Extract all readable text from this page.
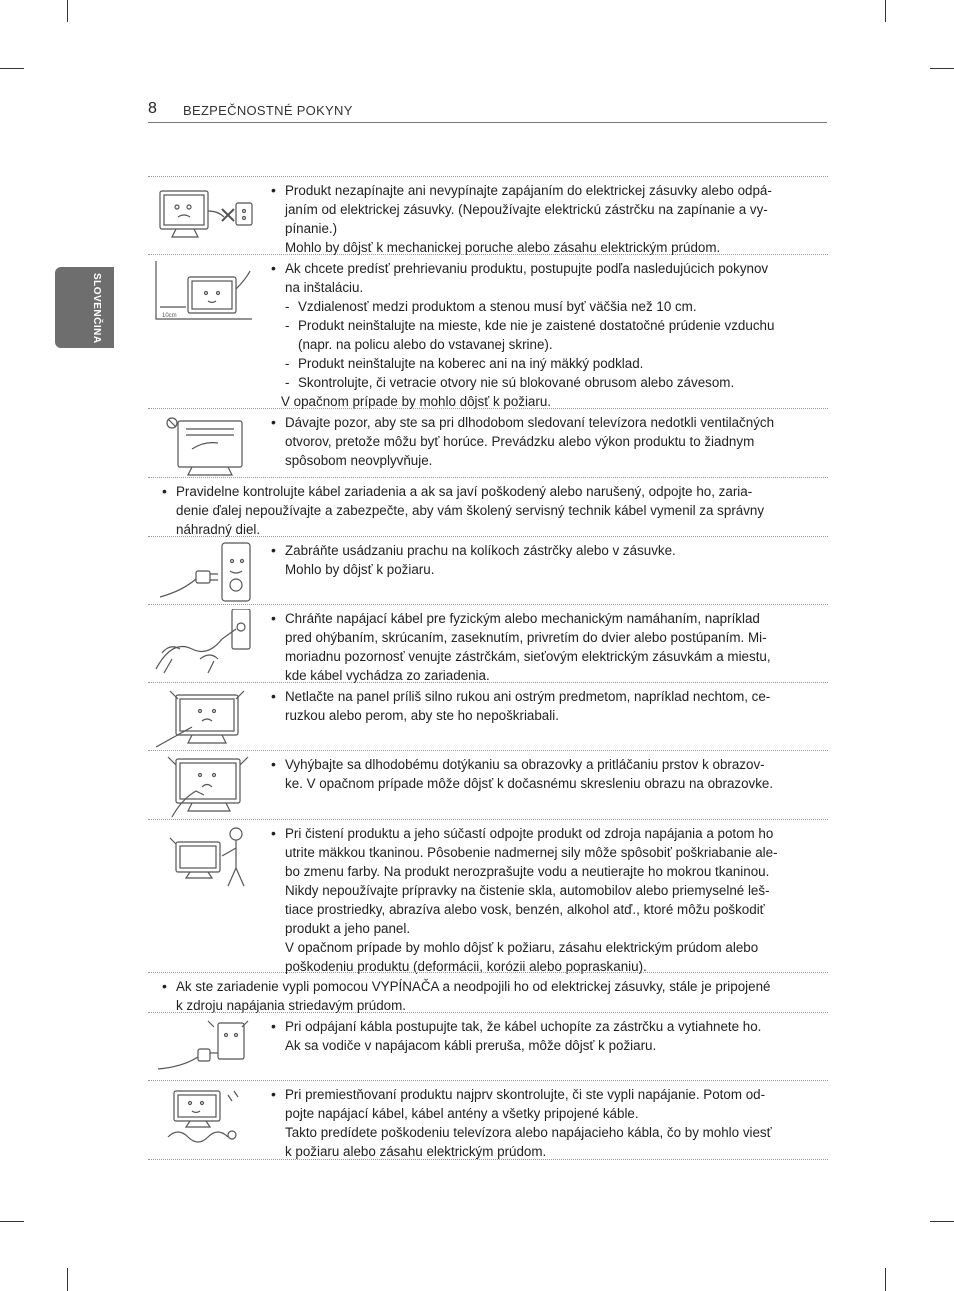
8 BEZPEČNOSTNÉ POKYNY
SLOVENČINA
• Produkt nezapínajte ani nevypínajte zapájaním do elektrickej zásuvky alebo odpá-
janím od elektrickej zásuvky. (Nepoužívajte elektrickú zástrčku na zapínanie a vy-
pínanie.)
Mohlo by dôjsť k mechanickej poruche alebo zásahu elektrickým prúdom.
10cm
• Ak chcete predísť prehrievaniu produktu, postupujte podľa nasledujúcich pokynov
na inštaláciu.
- Vzdialenosť medzi produktom a stenou musí byť väčšia než 10 cm.
- Produkt neinštalujte na mieste, kde nie je zaistené dostatočné prúdenie vzduchu
(napr. na policu alebo do vstavanej skrine).
- Produkt neinštalujte na koberec ani na iný mäkký podklad.
- Skontrolujte, či vetracie otvory nie sú blokované obrusom alebo závesom.
V opačnom prípade by mohlo dôjsť k požiaru.
• Dávajte pozor, aby ste sa pri dlhodobom sledovaní televízora nedotkli ventilačných
otvorov, pretože môžu byť horúce. Prevádzku alebo výkon produktu to žiadnym
spôsobom neovplyvňuje.
• Pravidelne kontrolujte kábel zariadenia a ak sa javí poškodený alebo narušený, odpojte ho, zaria-
denie ďalej nepoužívajte a zabezpečte, aby vám školený servisný technik kábel vymenil za správny
náhradný diel.
• Zabráňte usádzaniu prachu na kolíkoch zástrčky alebo v zásuvke.
Mohlo by dôjsť k požiaru.
• Chráňte napájací kábel pre fyzickým alebo mechanickým namáhaním, napríklad
pred ohýbaním, skrúcaním, zaseknutím, privretím do dvier alebo postúpaním. Mi-
moriadnu pozornosť venujte zástrčkám, sieťovým elektrickým zásuvkám a miestu,
kde kábel vychádza zo zariadenia.
• Netlačte na panel príliš silno rukou ani ostrým predmetom, napríklad nechtom, ce-
ruzkou alebo perom, aby ste ho nepoškriabali.
• Vyhýbajte sa dlhodobému dotýkaniu sa obrazovky a pritláčaniu prstov k obrazov-
ke. V opačnom prípade môže dôjsť k dočasnému skresleniu obrazu na obrazovke.
• Pri čistení produktu a jeho súčastí odpojte produkt od zdroja napájania a potom ho
utrite mäkkou tkaninou. Pôsobenie nadmernej sily môže spôsobiť poškriabanie ale-
bo zmenu farby. Na produkt nerozprašujte vodu a neutierajte ho mokrou tkaninou.
Nikdy nepoužívajte prípravky na čistenie skla, automobilov alebo priemyselné leš-
tiace prostriedky, abrazíva alebo vosk, benzén, alkohol atď., ktoré môžu poškodiť
produkt a jeho panel.
V opačnom prípade by mohlo dôjsť k požiaru, zásahu elektrickým prúdom alebo
poškodeniu produktu (deformácii, korózii alebo popraskaniu).
• Ak ste zariadenie vypli pomocou VYPÍNAČA a neodpojili ho od elektrickej zásuvky, stále je pripojené
k zdroju napájania striedavým prúdom.
• Pri odpájaní kábla postupujte tak, že kábel uchopíte za zástrčku a vytiahnete ho.
Ak sa vodiče v napájacom kábli preruša, môže dôjsť k požiaru.
• Pri premiestňovaní produktu najprv skontrolujte, či ste vypli napájanie. Potom od-
pojte napájací kábel, kábel antény a všetky pripojené káble.
Takto predídete poškodeniu televízora alebo napájacieho kábla, čo by mohlo viesť
k požiaru alebo zásahu elektrickým prúdom.
